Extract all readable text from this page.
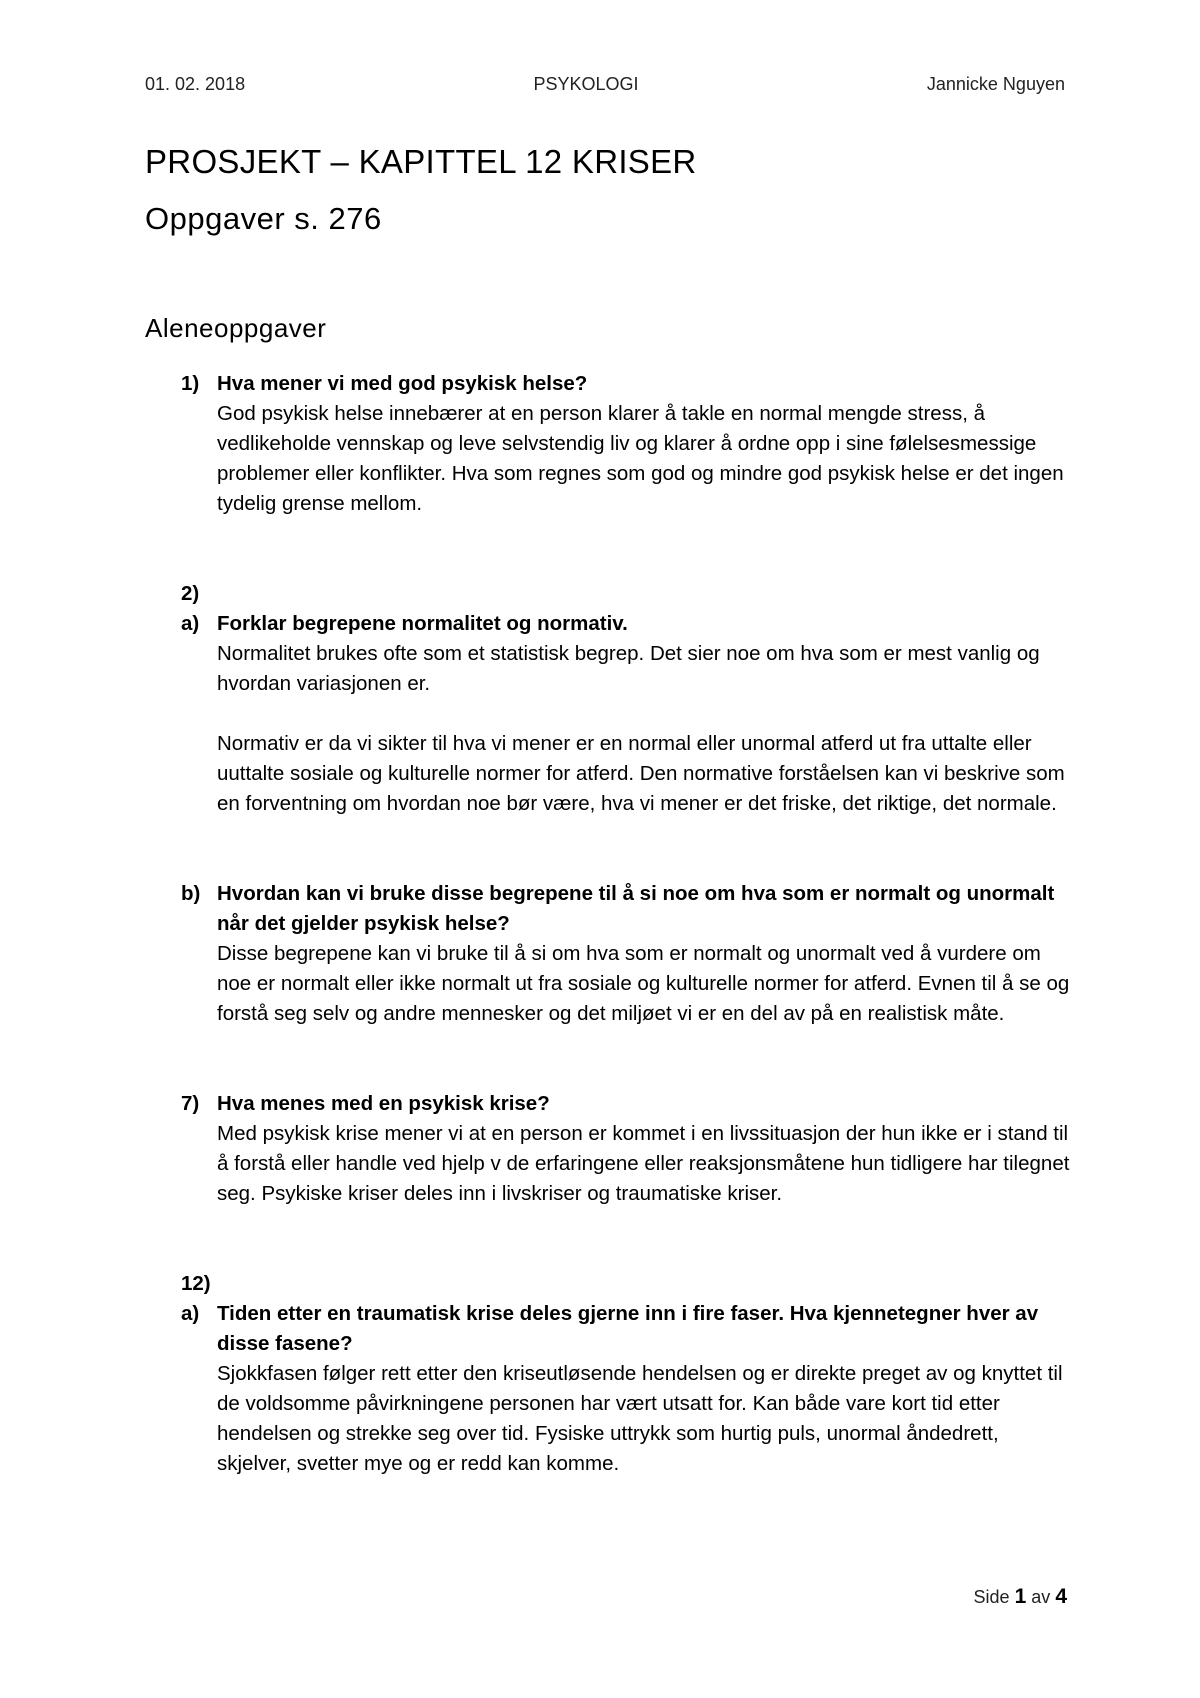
01. 02. 2018	PSYKOLOGI	Jannicke Nguyen
PROSJEKT – KAPITTEL 12 KRISER
Oppgaver s. 276
Aleneoppgaver
1) Hva mener vi med god psykisk helse?
God psykisk helse innebærer at en person klarer å takle en normal mengde stress, å vedlikeholde vennskap og leve selvstendig liv og klarer å ordne opp i sine følelsesmessige problemer eller konflikter. Hva som regnes som god og mindre god psykisk helse er det ingen tydelig grense mellom.
2)
a) Forklar begrepene normalitet og normativ.
Normalitet brukes ofte som et statistisk begrep. Det sier noe om hva som er mest vanlig og hvordan variasjonen er.
Normativ er da vi sikter til hva vi mener er en normal eller unormal atferd ut fra uttalte eller uuttalte sosiale og kulturelle normer for atferd. Den normative forståelsen kan vi beskrive som en forventning om hvordan noe bør være, hva vi mener er det friske, det riktige, det normale.
b) Hvordan kan vi bruke disse begrepene til å si noe om hva som er normalt og unormalt når det gjelder psykisk helse?
Disse begrepene kan vi bruke til å si om hva som er normalt og unormalt ved å vurdere om noe er normalt eller ikke normalt ut fra sosiale og kulturelle normer for atferd. Evnen til å se og forstå seg selv og andre mennesker og det miljøet vi er en del av på en realistisk måte.
7) Hva menes med en psykisk krise?
Med psykisk krise mener vi at en person er kommet i en livssituasjon der hun ikke er i stand til å forstå eller handle ved hjelp v de erfaringene eller reaksjonsmåtene hun tidligere har tilegnet seg. Psykiske kriser deles inn i livskriser og traumatiske kriser.
12)
a) Tiden etter en traumatisk krise deles gjerne inn i fire faser. Hva kjennetegner hver av disse fasene?
Sjokkfasen følger rett etter den kriseutløsende hendelsen og er direkte preget av og knyttet til de voldsomme påvirkningene personen har vært utsatt for. Kan både vare kort tid etter hendelsen og strekke seg over tid. Fysiske uttrykk som hurtig puls, unormal åndedrett, skjelver, svetter mye og er redd kan komme.
Side 1 av 4
